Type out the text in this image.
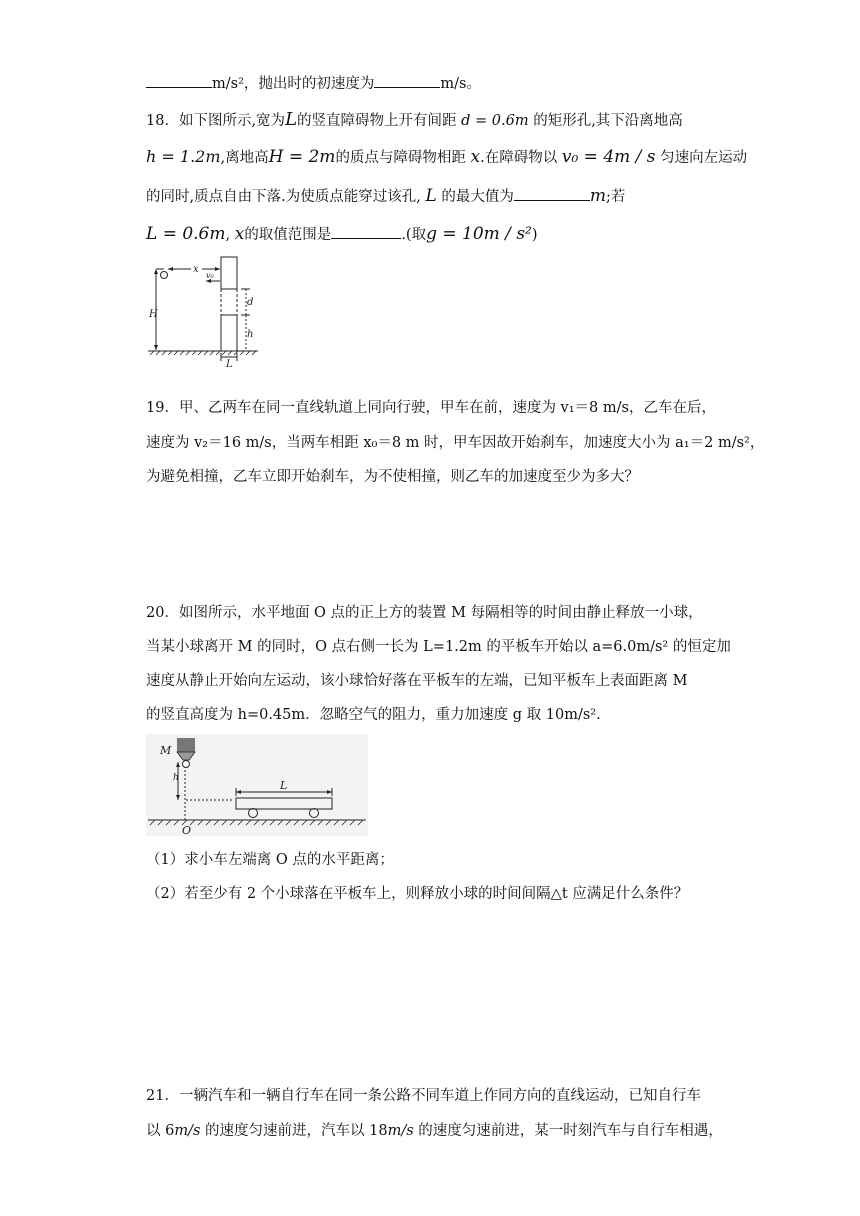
m/s²，抛出时的初速度为	m/s。
18．如下图所示,宽为L的竖直障碍物上开有间距 d = 0.6m 的矩形孔,其下沿离地高
h = 1.2m,离地高H = 2m的质点与障碍物相距 x.在障碍物以 v₀ = 4m / s 匀速向左运动
的同时,质点自由下落.为使质点能穿过该孔, L 的最大值为	m;若
L = 0.6m, x的取值范围是	.(取g = 10m / s²)
x
v₀
H
d
h
L
19．甲、乙两车在同一直线轨道上同向行驶，甲车在前，速度为 v₁＝8 m/s，乙车在后，
速度为 v₂＝16 m/s，当两车相距 x₀＝8 m 时，甲车因故开始刹车，加速度大小为 a₁＝2 m/s²，
为避免相撞，乙车立即开始刹车，为不使相撞，则乙车的加速度至少为多大？
20．如图所示，水平地面 O 点的正上方的装置 M 每隔相等的时间由静止释放一小球，
当某小球离开 M 的同时，O 点右侧一长为 L=1.2m 的平板车开始以 a=6.0m/s² 的恒定加
速度从静止开始向左运动，该小球恰好落在平板车的左端，已知平板车上表面距离 M
的竖直高度为 h=0.45m．忽略空气的阻力，重力加速度 g 取 10m/s².
M
h
L
O
（1）求小车左端离 O 点的水平距离；
（2）若至少有 2 个小球落在平板车上，则释放小球的时间间隔△t 应满足什么条件？
21．一辆汽车和一辆自行车在同一条公路不同车道上作同方向的直线运动，已知自行车
以 6m/s 的速度匀速前进，汽车以 18m/s 的速度匀速前进，某一时刻汽车与自行车相遇，
